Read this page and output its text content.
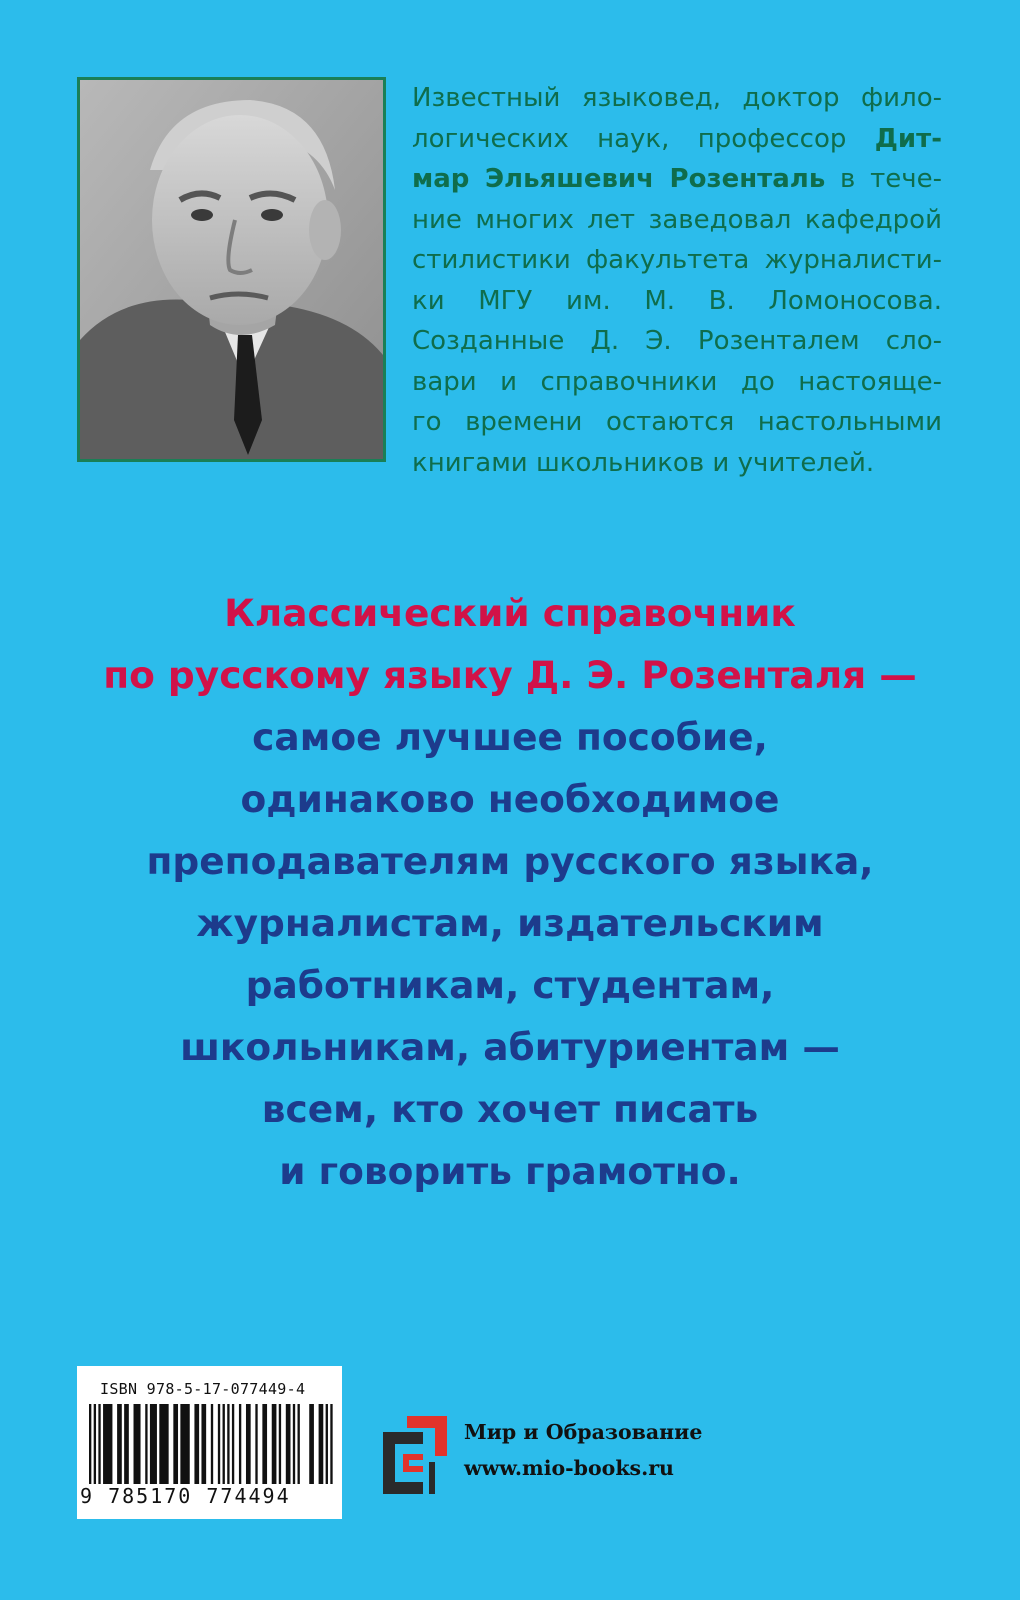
Известный языковед, доктор фило-
логических наук, профессор Дит-
мар Эльяшевич Розенталь в тече-
ние многих лет заведовал кафедрой
стилистики факультета журналисти-
ки МГУ им. М. В. Ломоносова.
Созданные Д. Э. Розенталем сло-
вари и справочники до настояще-
го времени остаются настольными
книгами школьников и учителей.
Классический справочник
по русскому языку Д. Э. Розенталя —
самое лучшее пособие,
одинаково необходимое
преподавателям русского языка,
журналистам, издательским
работникам, студентам,
школьникам, абитуриентам —
всем, кто хочет писать
и говорить грамотно.
ISBN 978-5-17-077449-4
9 785170 774494
Мир и Образование
www.mio-books.ru
